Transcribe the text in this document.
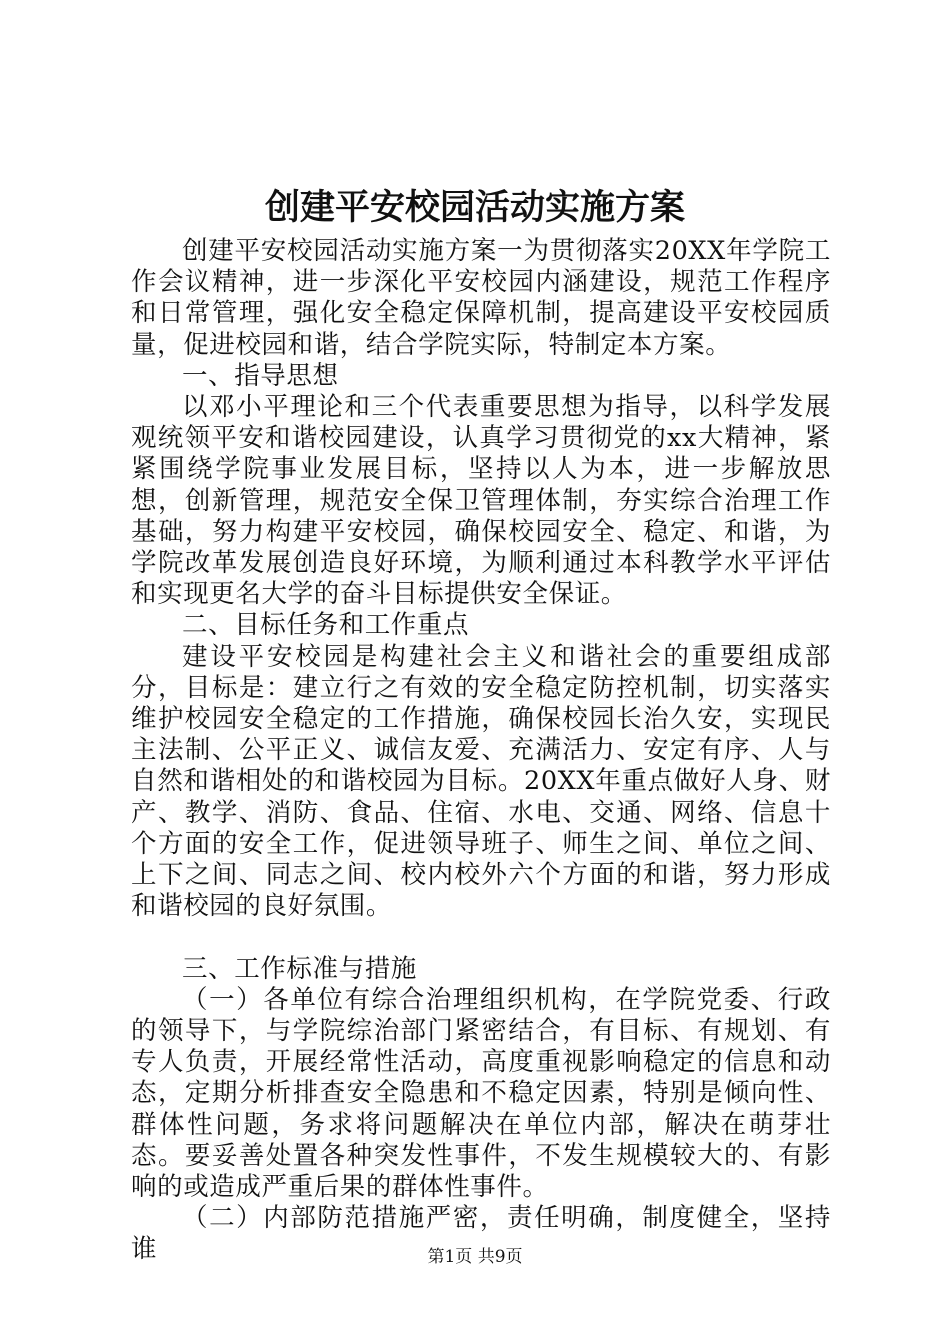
创建平安校园活动实施方案

创建平安校园活动实施方案一为贯彻落实20XX年学院工作会议精神，进一步深化平安校园内涵建设，规范工作程序和日常管理，强化安全稳定保障机制，提高建设平安校园质量，促进校园和谐，结合学院实际，特制定本方案。

一、指导思想

以邓小平理论和三个代表重要思想为指导，以科学发展观统领平安和谐校园建设，认真学习贯彻党的xx大精神，紧紧围绕学院事业发展目标，坚持以人为本，进一步解放思想，创新管理，规范安全保卫管理体制，夯实综合治理工作基础，努力构建平安校园，确保校园安全、稳定、和谐，为学院改革发展创造良好环境，为顺利通过本科教学水平评估和实现更名大学的奋斗目标提供安全保证。

二、目标任务和工作重点

建设平安校园是构建社会主义和谐社会的重要组成部分，目标是：建立行之有效的安全稳定防控机制，切实落实维护校园安全稳定的工作措施，确保校园长治久安，实现民主法制、公平正义、诚信友爱、充满活力、安定有序、人与自然和谐相处的和谐校园为目标。20XX年重点做好人身、财产、教学、消防、食品、住宿、水电、交通、网络、信息十个方面的安全工作，促进领导班子、师生之间、单位之间、上下之间、同志之间、校内校外六个方面的和谐，努力形成和谐校园的良好氛围。

三、工作标准与措施

（一）各单位有综合治理组织机构，在学院党委、行政的领导下，与学院综治部门紧密结合，有目标、有规划、有专人负责，开展经常性活动，高度重视影响稳定的信息和动态，定期分析排查安全隐患和不稳定因素，特别是倾向性、群体性问题，务求将问题解决在单位内部，解决在萌芽壮态。要妥善处置各种突发性事件，不发生规模较大的、有影响的或造成严重后果的群体性事件。

（二）内部防范措施严密，责任明确，制度健全，坚持谁	第1页 共9页
